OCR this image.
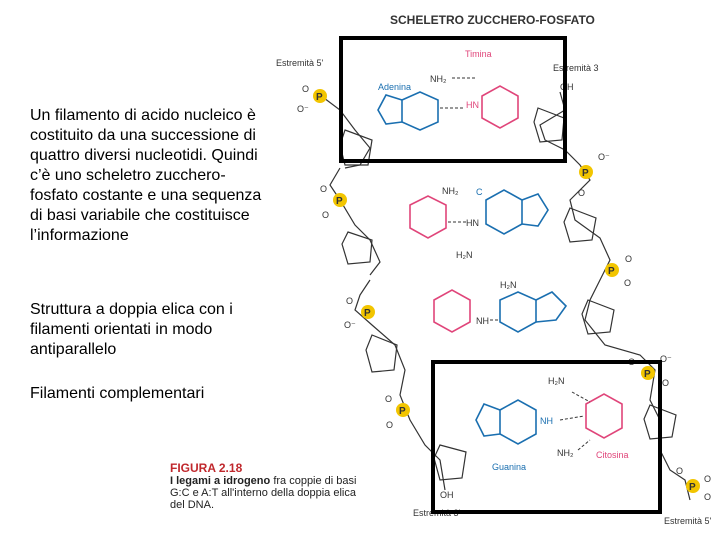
Un filamento di acido nucleico è costituito da una successione di quattro diversi nucleotidi. Quindi c’è uno scheletro zucchero-fosfato costante e una sequenza di basi variabile che costituisce l’informazione
Struttura a doppia elica con i filamenti orientati in modo antiparallelo
Filamenti complementari
SCHELETRO ZUCCHERO-FOSFATO
Estremità 5'	Estremità 3
OH
OH
Estremità 3'
Estremità 5'
P
P
P
P
P
P
P
P
O
O⁻
O
O
O
O⁻
O
O
O⁻
O
O
O
O	O⁻
O
O
O
O
Adenina
NH₂
Timina
HN
NH₂ C
HN
H₂N
NH
H₂N
H₂N
NH
NH₂
Guanina
Citosina
FIGURA 2.18
I legami a idrogeno fra coppie di basi G:C e A:T all'interno della doppia elica del DNA.
